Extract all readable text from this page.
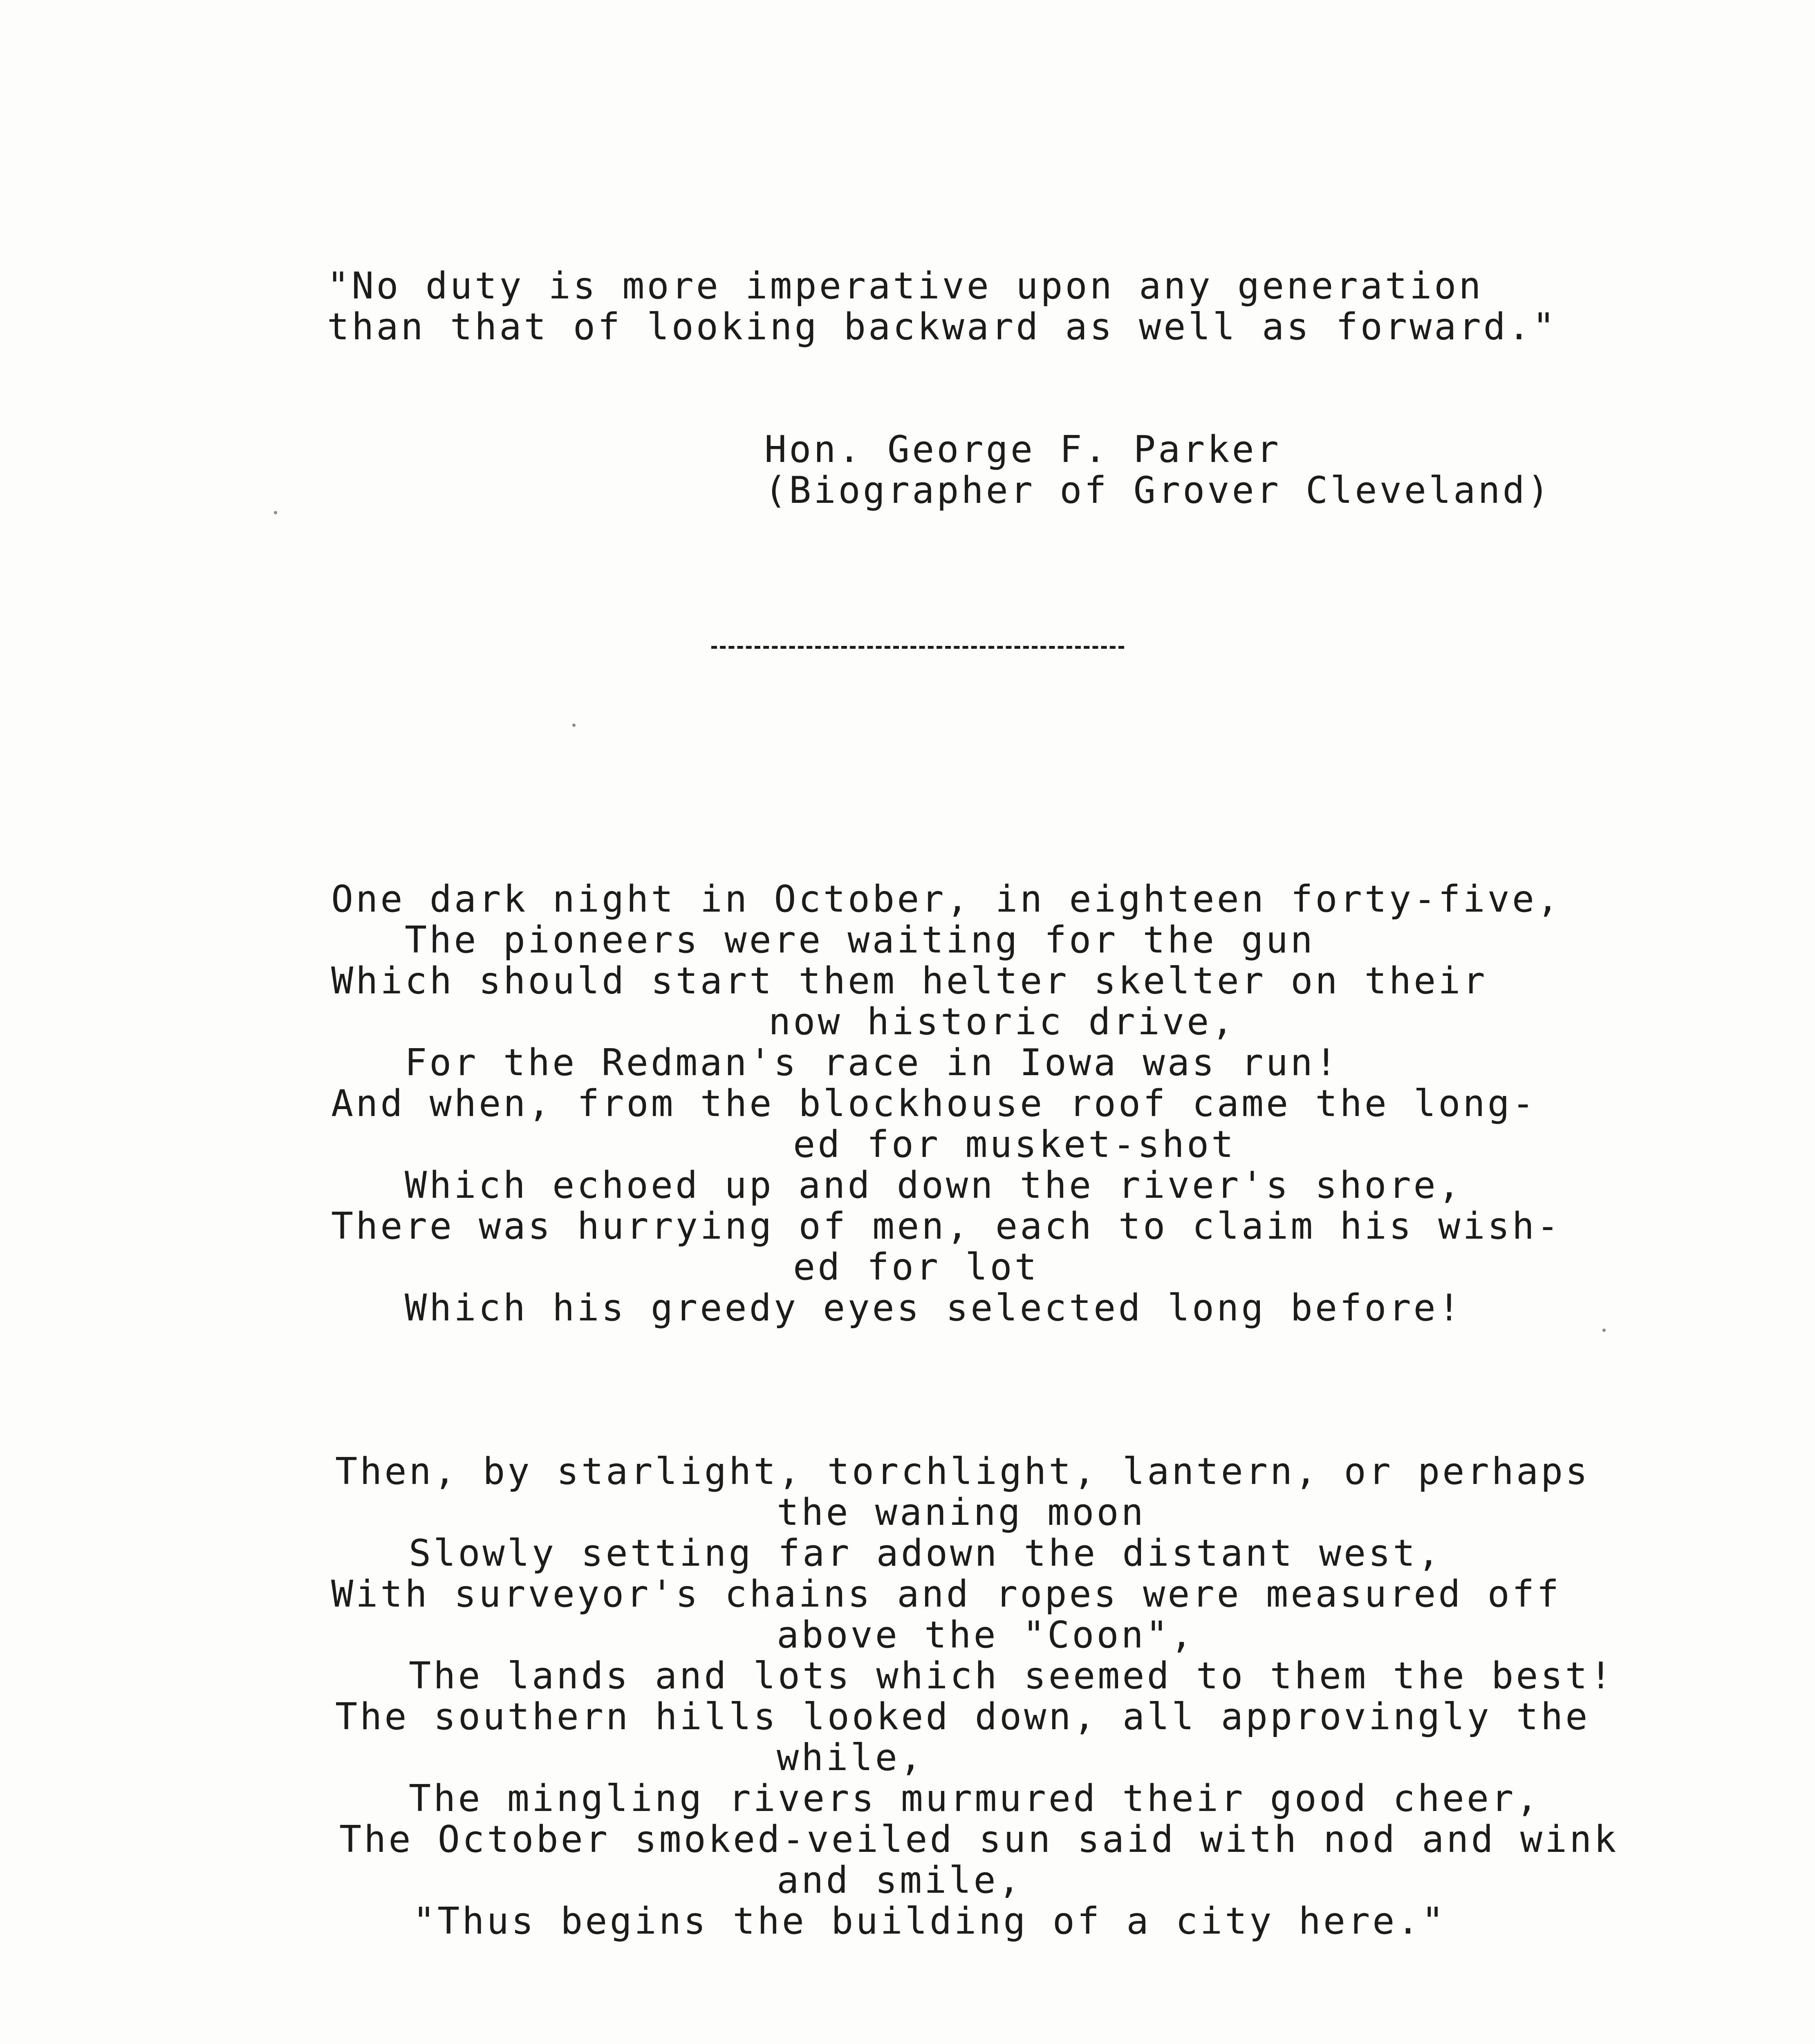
"No duty is more imperative upon any generation
than that of looking backward as well as forward."
Hon. George F. Parker
(Biographer of Grover Cleveland)
One dark night in October, in eighteen forty-five,
The pioneers were waiting for the gun
Which should start them helter skelter on their
now historic drive,
For the Redman's race in Iowa was run!
And when, from the blockhouse roof came the long-
ed for musket-shot
Which echoed up and down the river's shore,
There was hurrying of men, each to claim his wish-
ed for lot
Which his greedy eyes selected long before!
Then, by starlight, torchlight, lantern, or perhaps
the waning moon
Slowly setting far adown the distant west,
With surveyor's chains and ropes were measured off
above the "Coon",
The lands and lots which seemed to them the best!
The southern hills looked down, all approvingly the
while,
The mingling rivers murmured their good cheer,
The October smoked-veiled sun said with nod and wink
and smile,
"Thus begins the building of a city here."
